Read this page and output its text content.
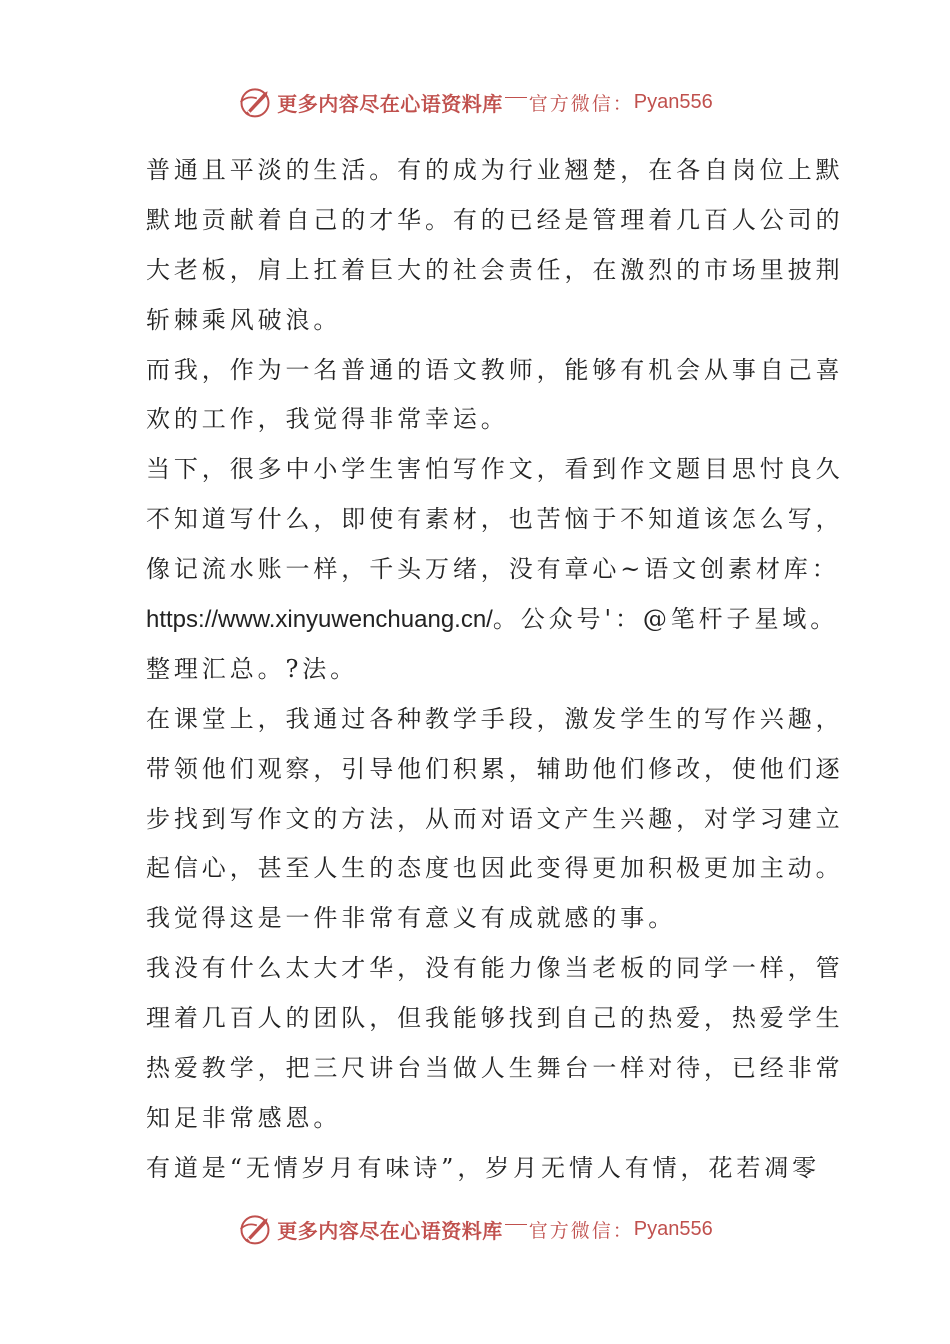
更多内容尽在心语资料库 官方微信： Pyan556
普通且平淡的生活。有的成为行业翘楚，在各自岗位上默
默地贡献着自己的才华。有的已经是管理着几百人公司的
大老板，肩上扛着巨大的社会责任，在激烈的市场里披荆
斩棘乘风破浪。
而我，作为一名普通的语文教师，能够有机会从事自己喜
欢的工作，我觉得非常幸运。
当下，很多中小学生害怕写作文，看到作文题目思忖良久
不知道写什么，即使有素材，也苦恼于不知道该怎么写，
像记流水账一样，千头万绪，没有章心~语文创素材库：
https://www.xinyuwenchuang.cn/。公众号'：@笔杆子星域。
整理汇总。?法。
在课堂上，我通过各种教学手段，激发学生的写作兴趣，
带领他们观察，引导他们积累，辅助他们修改，使他们逐
步找到写作文的方法，从而对语文产生兴趣，对学习建立
起信心，甚至人生的态度也因此变得更加积极更加主动。
我觉得这是一件非常有意义有成就感的事。
我没有什么太大才华，没有能力像当老板的同学一样，管
理着几百人的团队，但我能够找到自己的热爱，热爱学生
热爱教学，把三尺讲台当做人生舞台一样对待，已经非常
知足非常感恩。
有道是“无情岁月有味诗”，岁月无情人有情，花若凋零
更多内容尽在心语资料库 官方微信： Pyan556
